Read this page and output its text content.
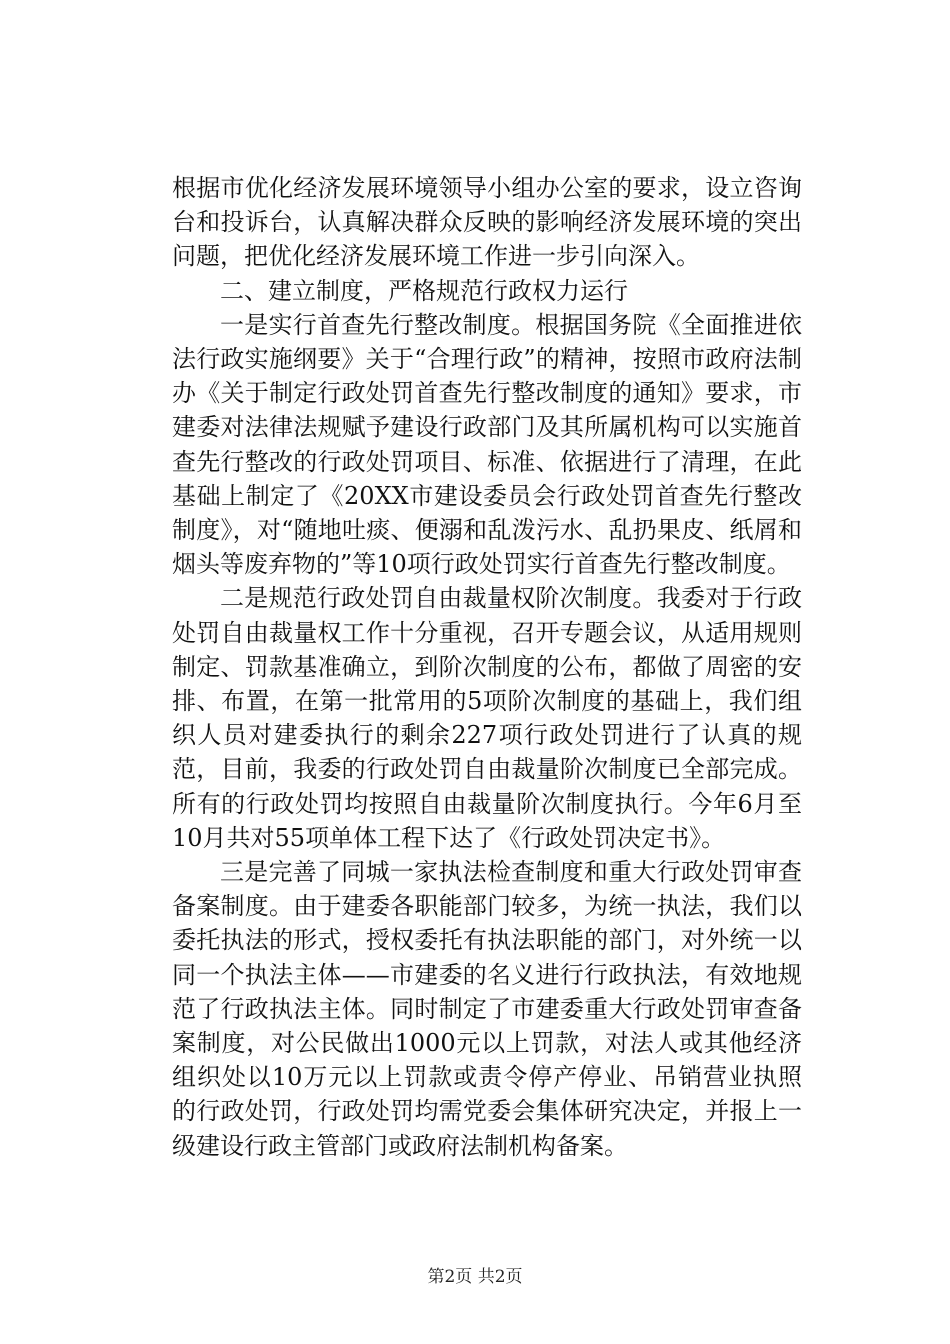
根据市优化经济发展环境领导小组办公室的要求，设立咨询台和投诉台，认真解决群众反映的影响经济发展环境的突出问题，把优化经济发展环境工作进一步引向深入。

二、建立制度，严格规范行政权力运行

一是实行首查先行整改制度。根据国务院《全面推进依法行政实施纲要》关于“合理行政”的精神，按照市政府法制办《关于制定行政处罚首查先行整改制度的通知》要求，市建委对法律法规赋予建设行政部门及其所属机构可以实施首查先行整改的行政处罚项目、标准、依据进行了清理，在此基础上制定了《20XX市建设委员会行政处罚首查先行整改制度》，对“随地吐痰、便溺和乱泼污水、乱扔果皮、纸屑和烟头等废弃物的”等10项行政处罚实行首查先行整改制度。

二是规范行政处罚自由裁量权阶次制度。我委对于行政处罚自由裁量权工作十分重视，召开专题会议，从适用规则制定、罚款基准确立，到阶次制度的公布，都做了周密的安排、布置，在第一批常用的5项阶次制度的基础上，我们组织人员对建委执行的剩余227项行政处罚进行了认真的规范，目前，我委的行政处罚自由裁量阶次制度已全部完成。所有的行政处罚均按照自由裁量阶次制度执行。今年6月至10月共对55项单体工程下达了《行政处罚决定书》。

三是完善了同城一家执法检查制度和重大行政处罚审查备案制度。由于建委各职能部门较多，为统一执法，我们以委托执法的形式，授权委托有执法职能的部门，对外统一以同一个执法主体——市建委的名义进行行政执法，有效地规范了行政执法主体。同时制定了市建委重大行政处罚审查备案制度，对公民做出1000元以上罚款，对法人或其他经济组织处以10万元以上罚款或责令停产停业、吊销营业执照的行政处罚，行政处罚均需党委会集体研究决定，并报上一级建设行政主管部门或政府法制机构备案。

第2页 共2页
